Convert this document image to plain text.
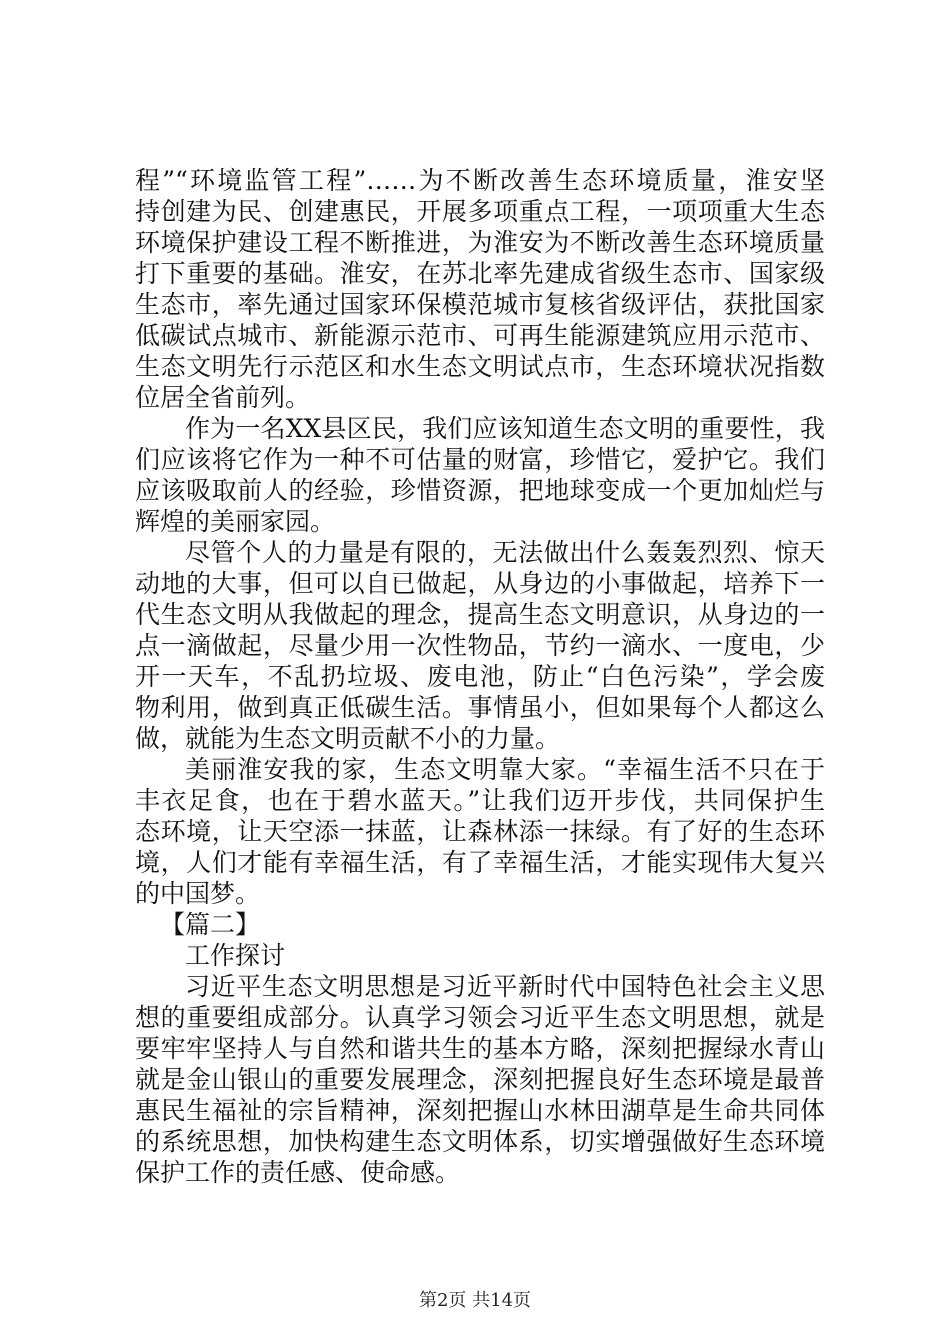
程”“环境监管工程”……为不断改善生态环境质量，淮安坚
持创建为民、创建惠民，开展多项重点工程，一项项重大生态
环境保护建设工程不断推进，为淮安为不断改善生态环境质量
打下重要的基础。淮安，在苏北率先建成省级生态市、国家级
生态市，率先通过国家环保模范城市复核省级评估，获批国家
低碳试点城市、新能源示范市、可再生能源建筑应用示范市、
生态文明先行示范区和水生态文明试点市，生态环境状况指数
位居全省前列。
作为一名XX县区民，我们应该知道生态文明的重要性，我
们应该将它作为一种不可估量的财富，珍惜它，爱护它。我们
应该吸取前人的经验，珍惜资源，把地球变成一个更加灿烂与
辉煌的美丽家园。
尽管个人的力量是有限的，无法做出什么轰轰烈烈、惊天
动地的大事，但可以自已做起，从身边的小事做起，培养下一
代生态文明从我做起的理念，提高生态文明意识，从身边的一
点一滴做起，尽量少用一次性物品，节约一滴水、一度电，少
开一天车，不乱扔垃圾、废电池，防止“白色污染”，学会废
物利用，做到真正低碳生活。事情虽小，但如果每个人都这么
做，就能为生态文明贡献不小的力量。
美丽淮安我的家，生态文明靠大家。“幸福生活不只在于
丰衣足食，也在于碧水蓝天。”让我们迈开步伐，共同保护生
态环境，让天空添一抹蓝，让森林添一抹绿。有了好的生态环
境，人们才能有幸福生活，有了幸福生活，才能实现伟大复兴
的中国梦。
【篇二】
工作探讨
习近平生态文明思想是习近平新时代中国特色社会主义思
想的重要组成部分。认真学习领会习近平生态文明思想，就是
要牢牢坚持人与自然和谐共生的基本方略，深刻把握绿水青山
就是金山银山的重要发展理念，深刻把握良好生态环境是最普
惠民生福祉的宗旨精神，深刻把握山水林田湖草是生命共同体
的系统思想，加快构建生态文明体系，切实增强做好生态环境
保护工作的责任感、使命感。
第2页 共14页
